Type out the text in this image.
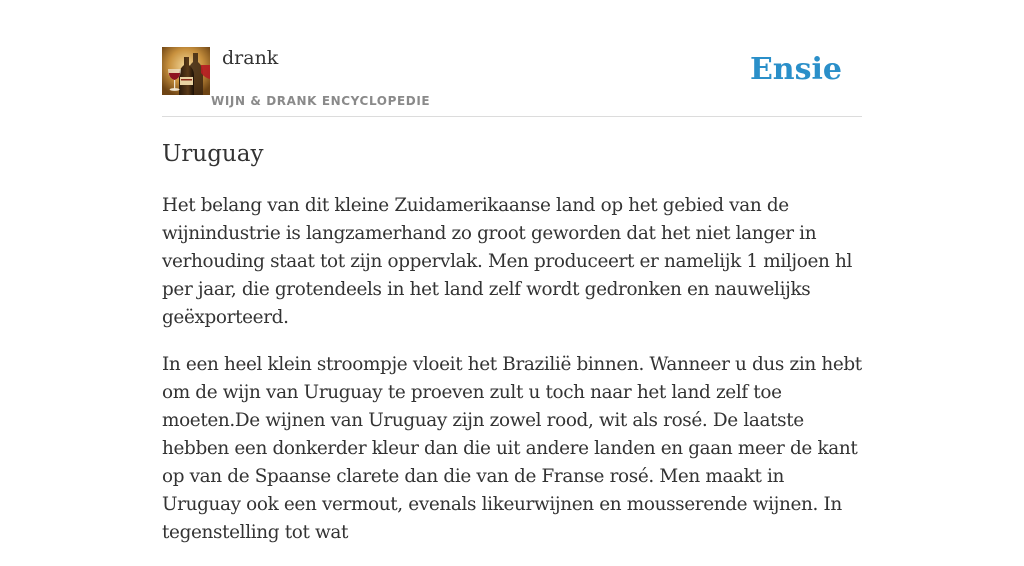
drank
WIJN & DRANK ENCYCLOPEDIE
Ensie
Uruguay

Het belang van dit kleine Zuidamerikaanse land op het gebied van de wijnindustrie is langzamerhand zo groot geworden dat het niet langer in verhouding staat tot zijn oppervlak. Men produceert er namelijk 1 miljoen hl per jaar, die grotendeels in het land zelf wordt gedronken en nauwelijks geëxporteerd.

In een heel klein stroompje vloeit het Brazilië binnen. Wanneer u dus zin hebt om de wijn van Uruguay te proeven zult u toch naar het land zelf toe moeten.De wijnen van Uruguay zijn zowel rood, wit als rosé. De laatste hebben een donkerder kleur dan die uit andere landen en gaan meer de kant op van de Spaanse clarete dan die van de Franse rosé. Men maakt in Uruguay ook een vermout, evenals likeurwijnen en mousserende wijnen. In tegenstelling tot wat
